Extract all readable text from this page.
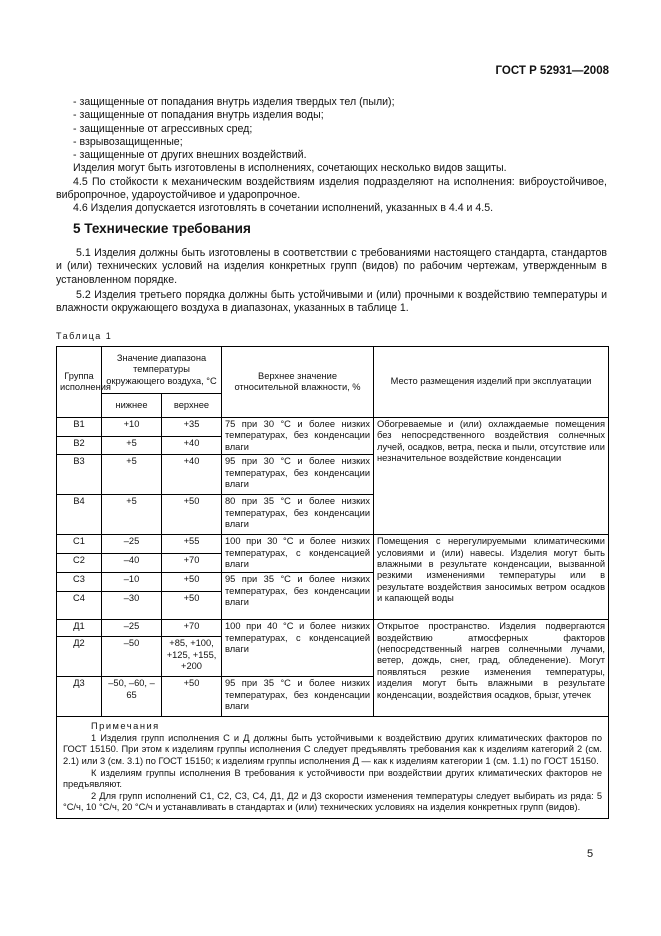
ГОСТ Р 52931—2008

- защищенные от попадания внутрь изделия твердых тел (пыли);

- защищенные от попадания внутрь изделия воды;

- защищенные от агрессивных сред;

- взрывозащищенные;

- защищенные от других внешних воздействий.

Изделия могут быть изготовлены в исполнениях, сочетающих несколько видов защиты.

4.5 По стойкости к механическим воздействиям изделия подразделяют на исполнения: виброустойчивое, вибропрочное, удароустойчивое и ударопрочное.

4.6 Изделия допускается изготовлять в сочетании исполнений, указанных в 4.4 и 4.5.

5 Технические требования

5.1 Изделия должны быть изготовлены в соответствии с требованиями настоящего стандарта, стандартов и (или) технических условий на изделия конкретных групп (видов) по рабочим чертежам, утвержденным в установленном порядке.

5.2 Изделия третьего порядка должны быть устойчивыми и (или) прочными к воздействию температуры и влажности окружающего воздуха в диапазонах, указанных в таблице 1.

Таблица 1
Группа исполнения	Значение диапазона температуры окружающего воздуха, °С		Верхнее значение относительной влажности, %	Место размещения изделий при эксплуатации
	нижнее	верхнее		
В1	+10	+35	75 при 30 °С и более низких температурах, без конденсации влаги	Обогреваемые и (или) охлаждаемые помещения без непосредственного воздействия солнечных лучей, осадков, ветра, песка и пыли, отсутствие или незначительное воздействие конденсации
В2	+5	+40		
В3	+5	+40	95 при 30 °С и более низких температурах, без конденсации влаги	
В4	+5	+50	80 при 35 °С и более низких температурах, без конденсации влаги	
С1	–25	+55	100 при 30 °С и более низких температурах, с конденсацией влаги	Помещения с нерегулируемыми климатическими условиями и (или) навесы. Изделия могут быть влажными в результате конденсации, вызванной резкими изменениями температуры или в результате воздействия заносимых ветром осадков и капающей воды
С2	–40	+70		
С3	–10	+50	95 при 35 °С и более низких температурах, без конденсации влаги	
С4	–30	+50		
Д1	–25	+70	100 при 40 °С и более низких температурах, с конденсацией влаги	Открытое пространство. Изделия подвергаются воздействию атмосферных факторов (непосредственный нагрев солнечными лучами, ветер, дождь, снег, град, обледенение). Могут появляться резкие изменения температуры, изделия могут быть влажными в результате конденсации, воздействия осадков, брызг, утечек
Д2	–50	+85, +100, +125, +155, +200		
Д3	–50, –60, –65	+50	95 при 35 °С и более низких температурах, без конденсации влаги	

Примечания

1 Изделия групп исполнения С и Д должны быть устойчивыми к воздействию других климатических факторов по ГОСТ 15150. При этом к изделиям группы исполнения С следует предъявлять требования как к изделиям категорий 2 (см. 2.1) или 3 (см. 3.1) по ГОСТ 15150; к изделиям группы исполнения Д — как к изделиям категории 1 (см. 1.1) по ГОСТ 15150.

К изделиям группы исполнения В требования к устойчивости при воздействии других климатических факторов не предъявляют.

2 Для групп исполнений С1, С2, С3, С4, Д1, Д2 и Д3 скорости изменения температуры следует выбирать из ряда: 5 °С/ч, 10 °С/ч, 20 °С/ч и устанавливать в стандартах и (или) технических условиях на изделия конкретных групп (видов).				

5
